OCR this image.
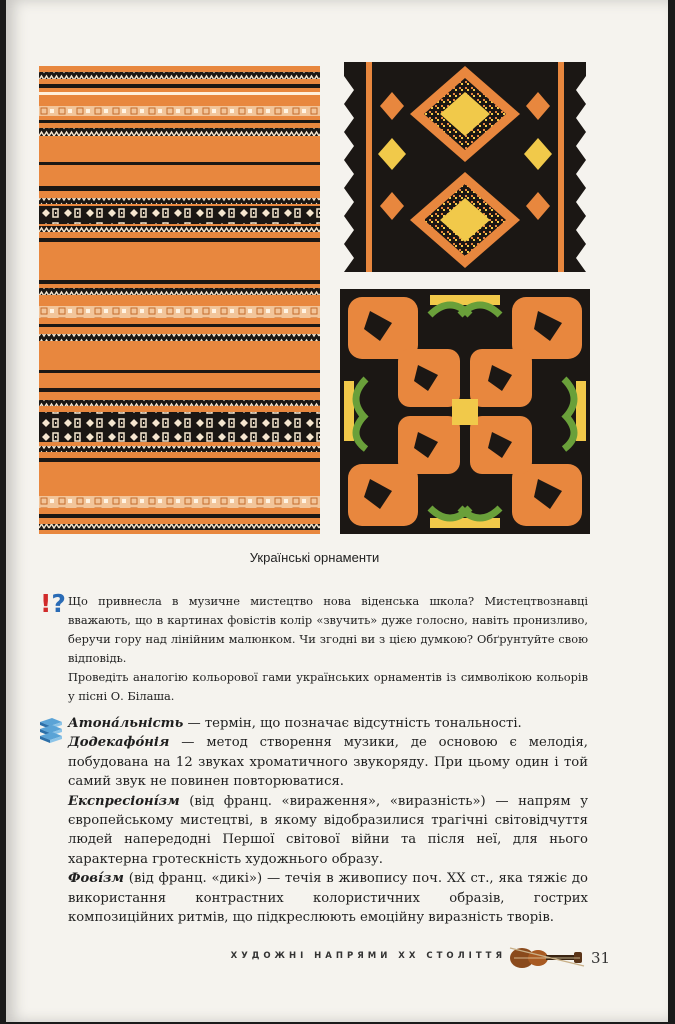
Українські орнаменти
!? Що привнесла в музичне мистецтво нова віденська школа? Мистецтвознавці вважають, що в картинах фовістів колір «звучить» дуже голосно, навіть пронизливо, беручи гору над лінійним малюнком. Чи згодні ви з цією думкою? Обґрунтуйте свою відповідь.

Проведіть аналогію кольорової гами українських орнаментів із символікою кольорів у пісні О. Білаша.

Атона́льність — термін, що позначає відсутність тональності.

Додекафо́нія — метод створення музики, де основою є мелодія, побудована на 12 звуках хроматичного звукоряду. При цьому один і той самий звук не повинен повторюватися.

Експресіоні́зм (від франц. «вираження», «виразність») — напрям у європейському мистецтві, в якому відобразилися трагічні світовідчуття людей напередодні Першої світової війни та після неї, для нього характерна гротескність художнього образу.

Фові́зм (від франц. «дикі») — течія в живопису поч. XX ст., яка тяжіє до використання контрастних колористичних образів, гострих композиційних ритмів, що підкреслюють емоційну виразність творів.

ХУДОЖНІ НАПРЯМИ XX СТОЛІТТЯ	31
